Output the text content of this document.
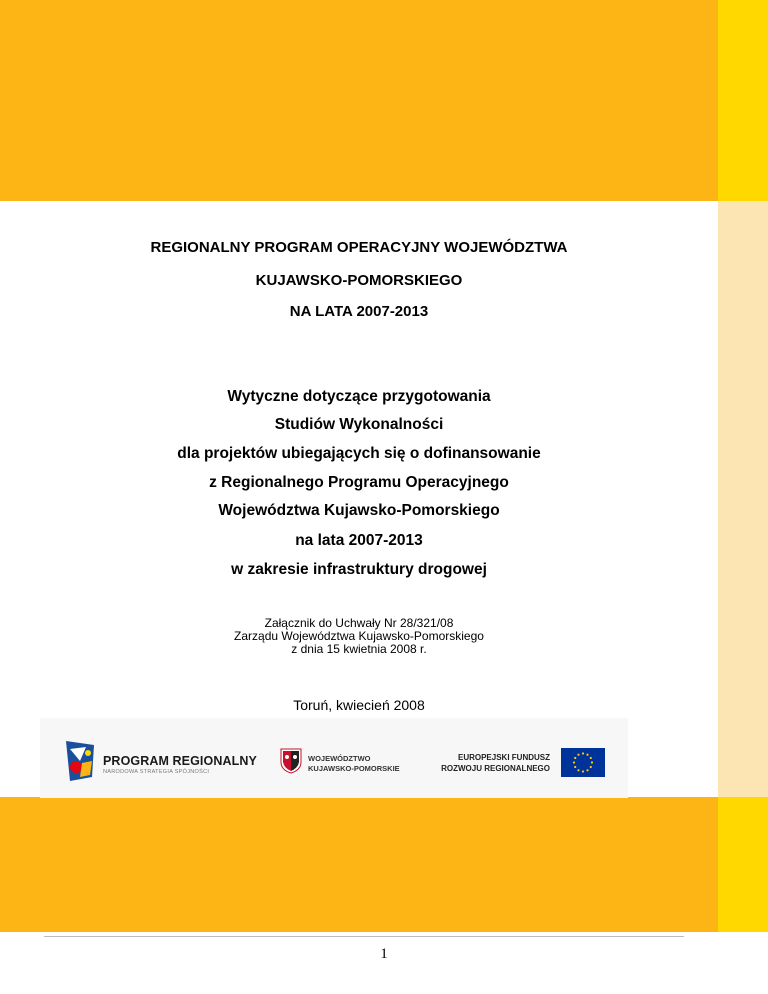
REGIONALNY PROGRAM OPERACYJNY WOJEWÓDZTWA
KUJAWSKO-POMORSKIEGO
NA LATA 2007-2013
Wytyczne dotyczące przygotowania
Studiów Wykonalności
dla projektów ubiegających się o dofinansowanie
z Regionalnego Programu Operacyjnego
Województwa Kujawsko-Pomorskiego
na lata 2007-2013
w zakresie infrastruktury drogowej
Załącznik do Uchwały Nr 28/321/08
Zarządu Województwa Kujawsko-Pomorskiego
z dnia 15 kwietnia 2008 r.
Toruń, kwiecień 2008
PROGRAM REGIONALNY
NARODOWA STRATEGIA SPÓJNOŚCI
WOJEWÓDZTWO
KUJAWSKO-POMORSKIE
EUROPEJSKI FUNDUSZ
ROZWOJU REGIONALNEGO
1
